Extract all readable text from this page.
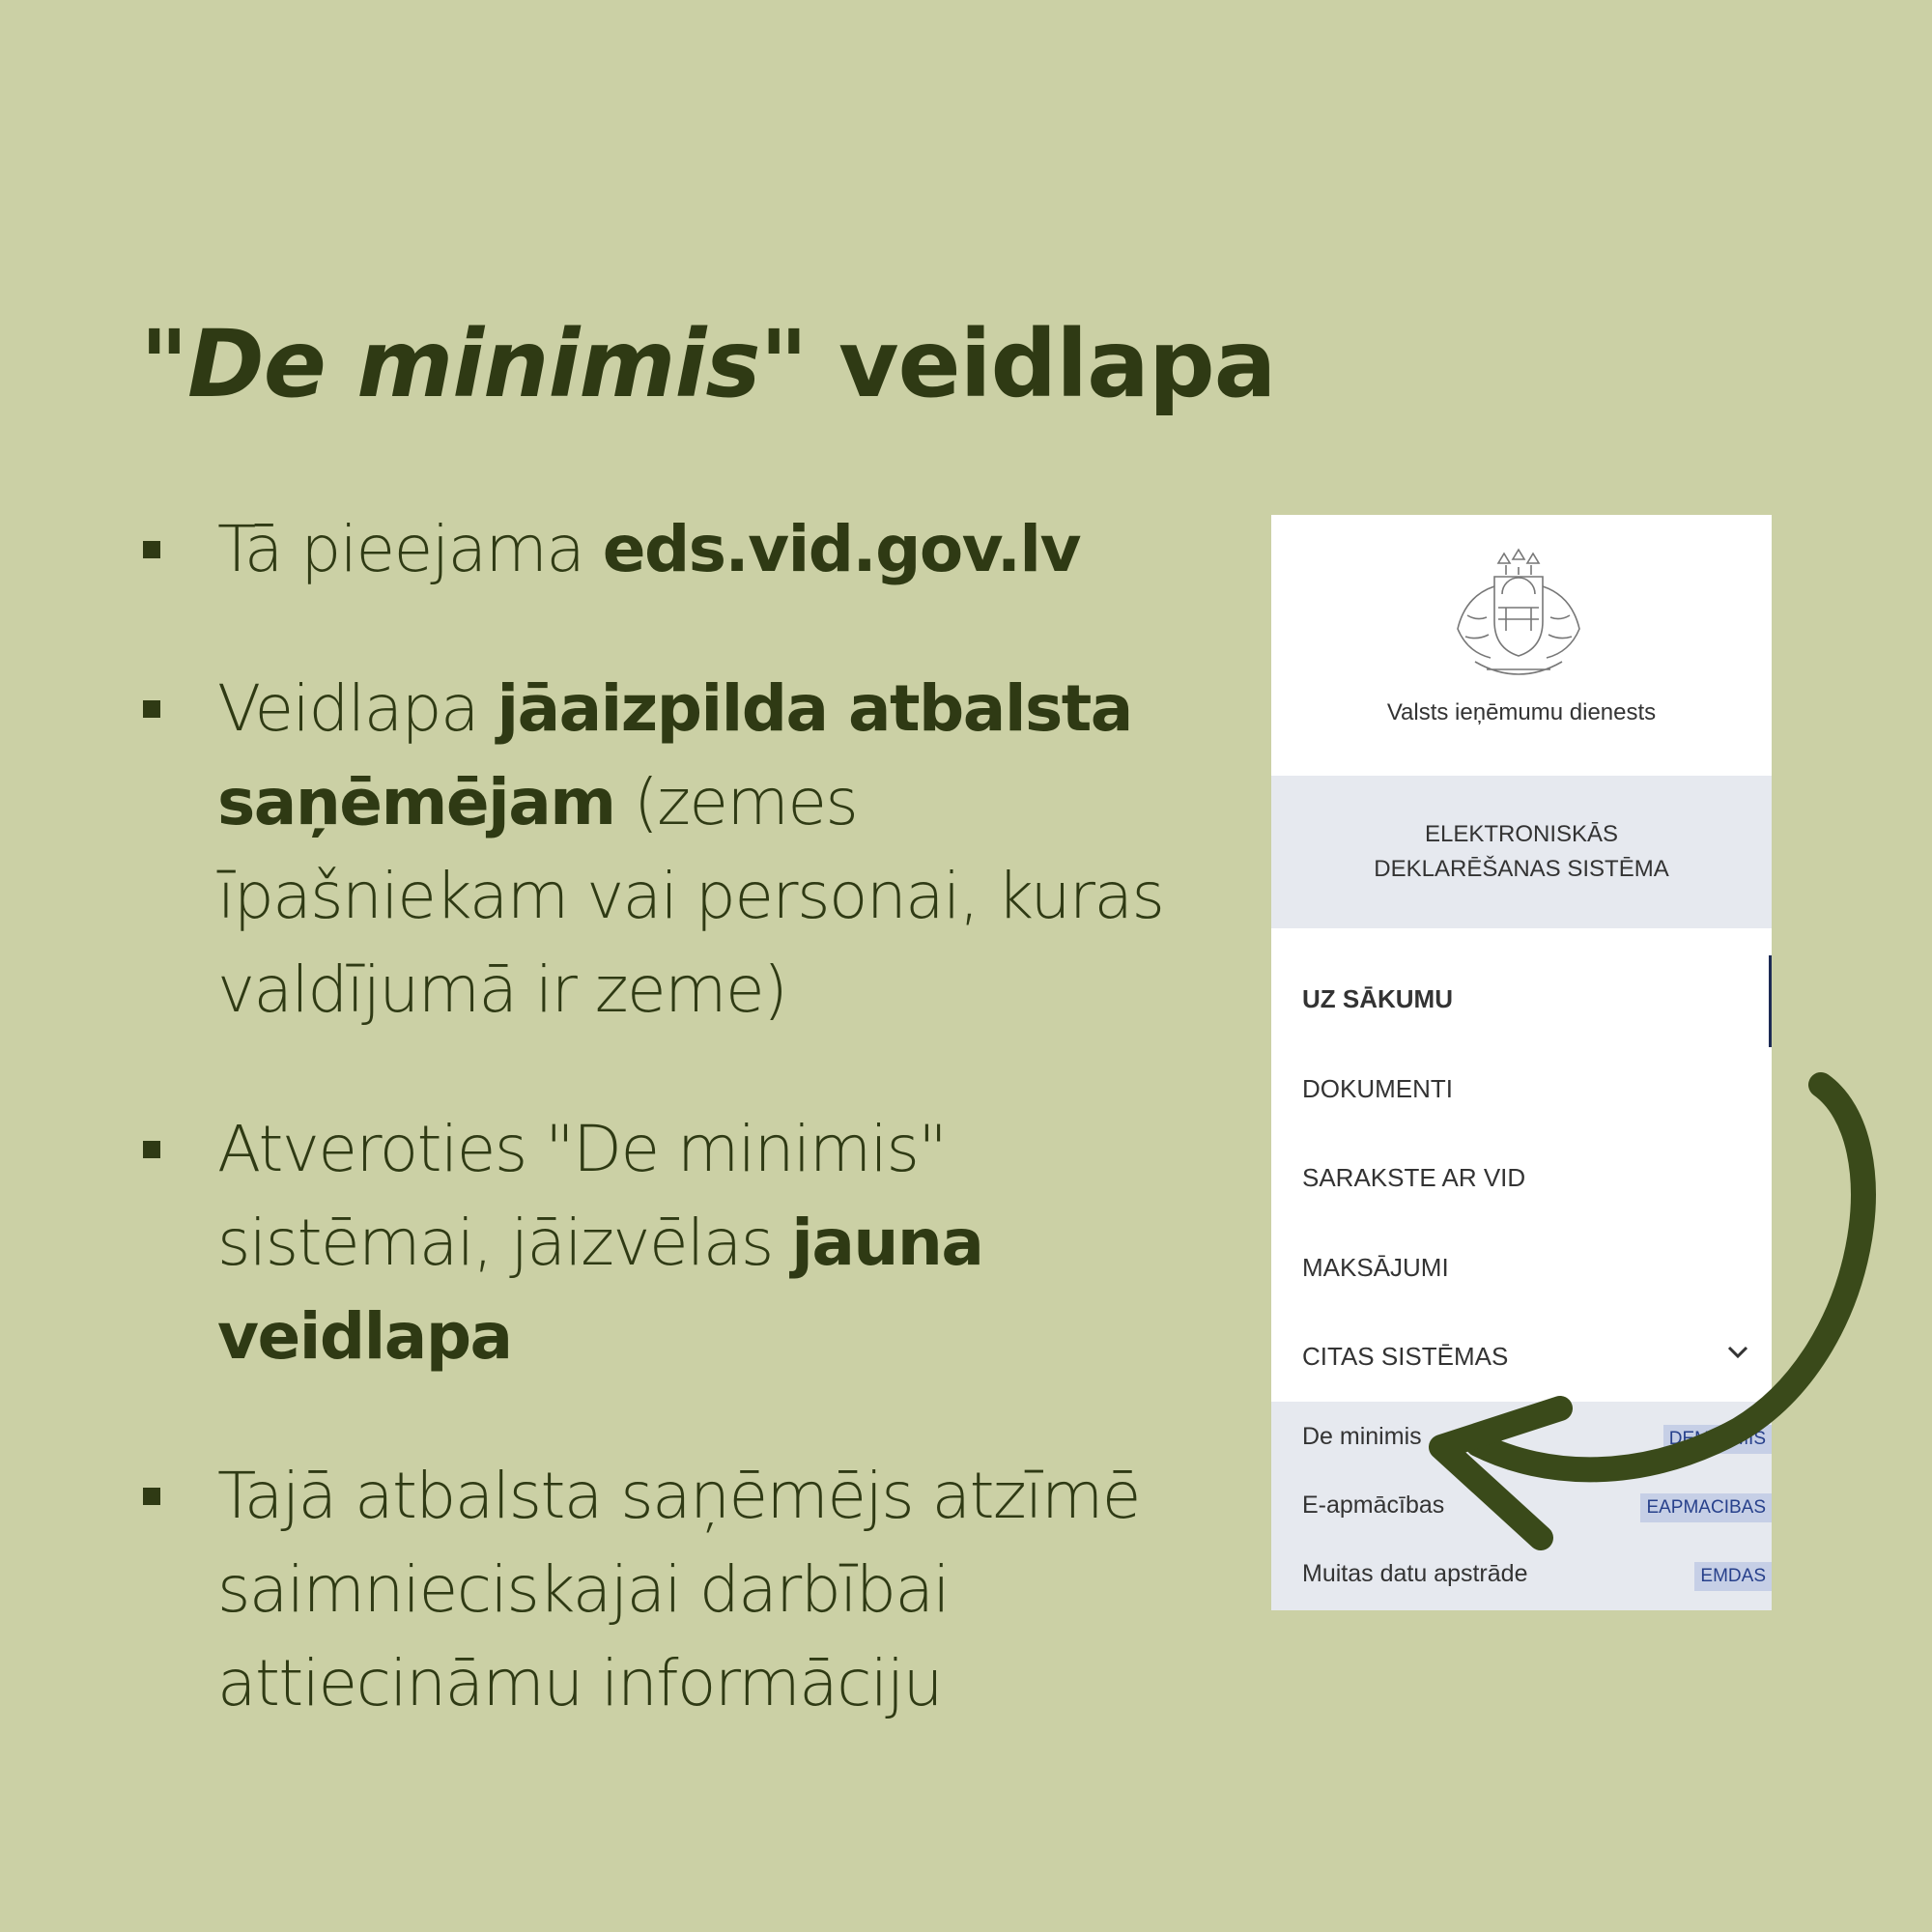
"De minimis" veidlapa
Tā pieejama eds.vid.gov.lv
Veidlapa jāaizpilda atbalsta saņēmējam (zemes īpašniekam vai personai, kuras valdījumā ir zeme)
Atveroties "De minimis" sistēmai, jāizvēlas jauna veidlapa
Tajā atbalsta saņēmējs atzīmē saimnieciskajai darbībai attiecināmu informāciju
Valsts ieņēmumu dienests
ELEKTRONISKĀS
DEKLARĒŠANAS SISTĒMA
UZ SĀKUMU
DOKUMENTI
SARAKSTE AR VID
MAKSĀJUMI
CITAS SISTĒMAS
De minimis	DEMINIMIS
E-apmācības	EAPMACIBAS
Muitas datu apstrāde	EMDAS
